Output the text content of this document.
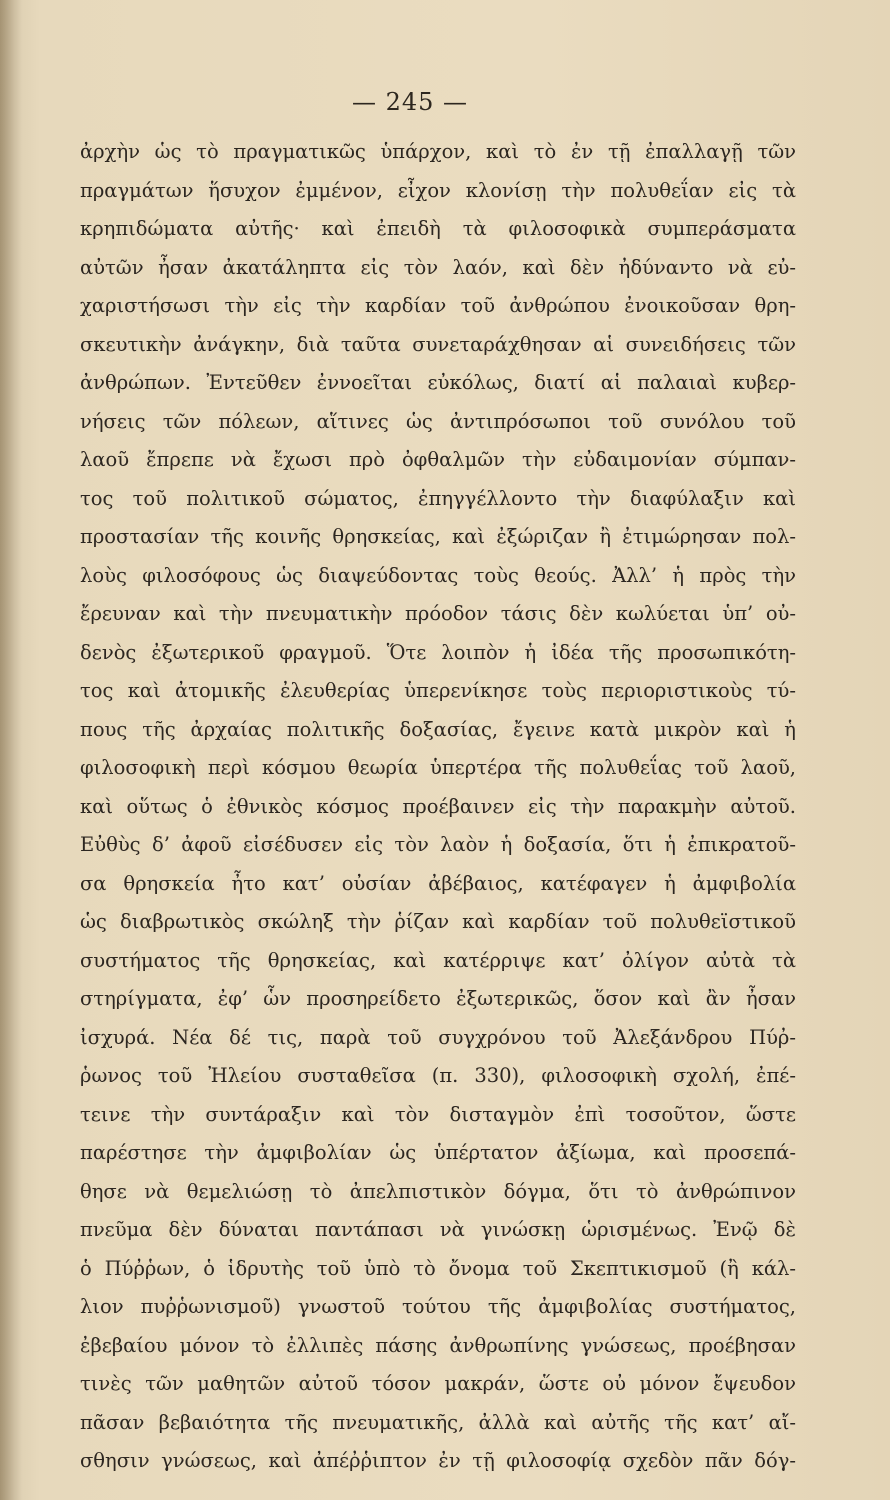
— 245 —
ἀρχὴν ὡς τὸ πραγματικῶς ὑπάρχον, καὶ τὸ ἐν τῇ ἐπαλλαγῇ τῶν
πραγμάτων ἥσυχον ἐμμένον, εἶχον κλονίσῃ τὴν πολυθεΐαν εἰς τὰ
κρηπιδώματα αὐτῆς· καὶ ἐπειδὴ τὰ φιλοσοφικὰ συμπεράσματα
αὐτῶν ἦσαν ἀκατάληπτα εἰς τὸν λαόν, καὶ δὲν ἠδύναντο νὰ εὐ-
χαριστήσωσι τὴν εἰς τὴν καρδίαν τοῦ ἀνθρώπου ἐνοικοῦσαν θρη-
σκευτικὴν ἀνάγκην, διὰ ταῦτα συνεταράχθησαν αἱ συνειδήσεις τῶν
ἀνθρώπων. Ἐντεῦθεν ἐννοεῖται εὐκόλως, διατί αἱ παλαιαὶ κυβερ-
νήσεις τῶν πόλεων, αἵτινες ὡς ἀντιπρόσωποι τοῦ συνόλου τοῦ
λαοῦ ἔπρεπε νὰ ἔχωσι πρὸ ὀφθαλμῶν τὴν εὐδαιμονίαν σύμπαν-
τος τοῦ πολιτικοῦ σώματος, ἐπηγγέλλοντο τὴν διαφύλαξιν καὶ
προστασίαν τῆς κοινῆς θρησκείας, καὶ ἐξώριζαν ἢ ἐτιμώρησαν πολ-
λοὺς φιλοσόφους ὡς διαψεύδοντας τοὺς θεούς. Ἀλλ’ ἡ πρὸς τὴν
ἔρευναν καὶ τὴν πνευματικὴν πρόοδον τάσις δὲν κωλύεται ὑπ’ οὐ-
δενὸς ἐξωτερικοῦ φραγμοῦ. Ὅτε λοιπὸν ἡ ἰδέα τῆς προσωπικότη-
τος καὶ ἀτομικῆς ἐλευθερίας ὑπερενίκησε τοὺς περιοριστικοὺς τύ-
πους τῆς ἀρχαίας πολιτικῆς δοξασίας, ἔγεινε κατὰ μικρὸν καὶ ἡ
φιλοσοφικὴ περὶ κόσμου θεωρία ὑπερτέρα τῆς πολυθεΐας τοῦ λαοῦ,
καὶ οὕτως ὁ ἐθνικὸς κόσμος προέβαινεν εἰς τὴν παρακμὴν αὐτοῦ.
Εὐθὺς δ’ ἀφοῦ εἰσέδυσεν εἰς τὸν λαὸν ἡ δοξασία, ὅτι ἡ ἐπικρατοῦ-
σα θρησκεία ἦτο κατ’ οὐσίαν ἀβέβαιος, κατέφαγεν ἡ ἀμφιβολία
ὡς διαβρωτικὸς σκώληξ τὴν ῥίζαν καὶ καρδίαν τοῦ πολυθεϊστικοῦ
συστήματος τῆς θρησκείας, καὶ κατέρριψε κατ’ ὀλίγον αὐτὰ τὰ
στηρίγματα, ἐφ’ ὧν προσηρείδετο ἐξωτερικῶς, ὅσον καὶ ἂν ἦσαν
ἰσχυρά. Νέα δέ τις, παρὰ τοῦ συγχρόνου τοῦ Ἀλεξάνδρου Πύῤ-
ῥωνος τοῦ Ἠλείου συσταθεῖσα (π. 330), φιλοσοφικὴ σχολή, ἐπέ-
τεινε τὴν συντάραξιν καὶ τὸν δισταγμὸν ἐπὶ τοσοῦτον, ὥστε
παρέστησε τὴν ἀμφιβολίαν ὡς ὑπέρτατον ἀξίωμα, καὶ προσεπά-
θησε νὰ θεμελιώσῃ τὸ ἀπελπιστικὸν δόγμα, ὅτι τὸ ἀνθρώπινον
πνεῦμα δὲν δύναται παντάπασι νὰ γινώσκῃ ὡρισμένως. Ἐνῷ δὲ
ὁ Πύῤῥων, ὁ ἱδρυτὴς τοῦ ὑπὸ τὸ ὄνομα τοῦ Σκεπτικισμοῦ (ἢ κάλ-
λιον πυῤῥωνισμοῦ) γνωστοῦ τούτου τῆς ἀμφιβολίας συστήματος,
ἐβεβαίου μόνον τὸ ἐλλιπὲς πάσης ἀνθρωπίνης γνώσεως, προέβησαν
τινὲς τῶν μαθητῶν αὐτοῦ τόσον μακράν, ὥστε οὐ μόνον ἔψευδον
πᾶσαν βεβαιότητα τῆς πνευματικῆς, ἀλλὰ καὶ αὐτῆς τῆς κατ’ αἴ-
σθησιν γνώσεως, καὶ ἀπέῤῥιπτον ἐν τῇ φιλοσοφίᾳ σχεδὸν πᾶν δόγ-
